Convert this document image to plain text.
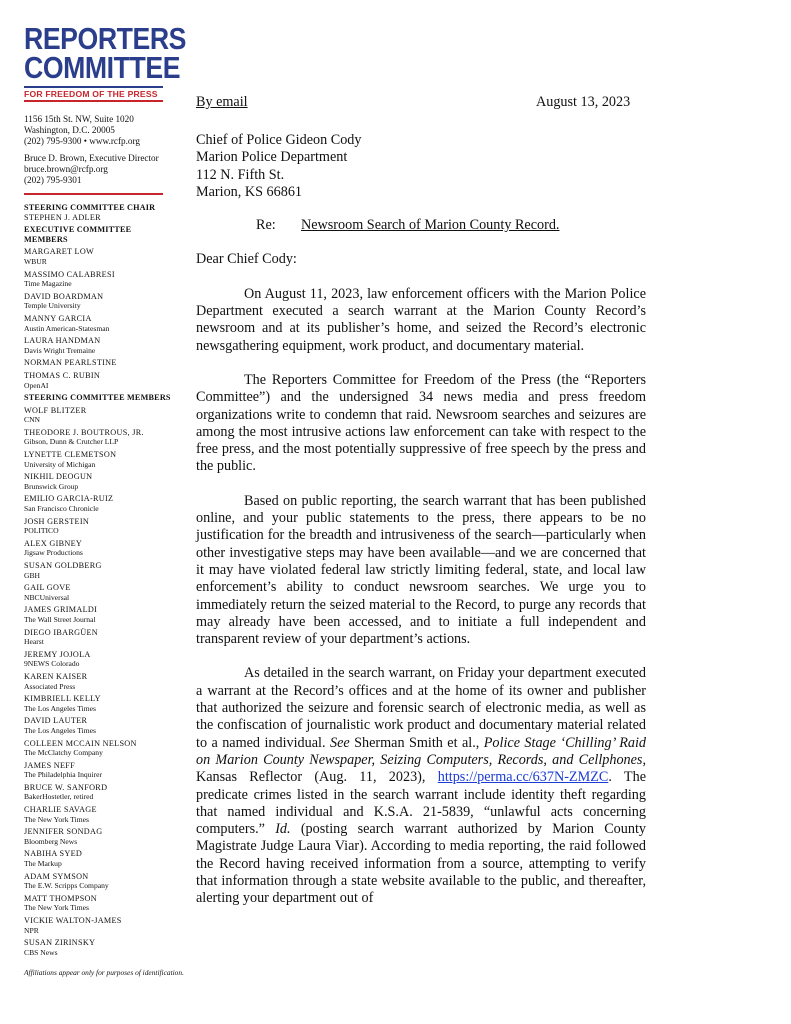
REPORTERS
COMMITTEE
FOR FREEDOM OF THE PRESS
1156 15th St. NW, Suite 1020
Washington, D.C. 20005
(202) 795-9300 • www.rcfp.org
Bruce D. Brown, Executive Director
bruce.brown@rcfp.org
(202) 795-9301
STEERING COMMITTEE CHAIR
STEPHEN J. ADLER
EXECUTIVE COMMITTEE MEMBERS
MARGARET LOW
WBUR
MASSIMO CALABRESI
Time Magazine
DAVID BOARDMAN
Temple University
MANNY GARCIA
Austin American-Statesman
LAURA HANDMAN
Davis Wright Tremaine
NORMAN PEARLSTINE
THOMAS C. RUBIN
OpenAI
STEERING COMMITTEE MEMBERS
WOLF BLITZER
CNN
THEODORE J. BOUTROUS, JR.
Gibson, Dunn & Crutcher LLP
LYNETTE CLEMETSON
University of Michigan
NIKHIL DEOGUN
Brunswick Group
EMILIO GARCIA-RUIZ
San Francisco Chronicle
JOSH GERSTEIN
POLITICO
ALEX GIBNEY
Jigsaw Productions
SUSAN GOLDBERG
GBH
GAIL GOVE
NBCUniversal
JAMES GRIMALDI
The Wall Street Journal
DIEGO IBARGÜEN
Hearst
JEREMY JOJOLA
9NEWS Colorado
KAREN KAISER
Associated Press
KIMBRIELL KELLY
The Los Angeles Times
DAVID LAUTER
The Los Angeles Times
COLLEEN MCCAIN NELSON
The McClatchy Company
JAMES NEFF
The Philadelphia Inquirer
BRUCE W. SANFORD
BakerHostetler, retired
CHARLIE SAVAGE
The New York Times
JENNIFER SONDAG
Bloomberg News
NABIHA SYED
The Markup
ADAM SYMSON
The E.W. Scripps Company
MATT THOMPSON
The New York Times
VICKIE WALTON-JAMES
NPR
SUSAN ZIRINSKY
CBS News
Affiliations appear only for purposes of identification.
By email	August 13, 2023
Chief of Police Gideon Cody
Marion Police Department
112 N. Fifth St.
Marion, KS 66861
Re:	Newsroom Search of Marion County Record.
Dear Chief Cody:

On August 11, 2023, law enforcement officers with the Marion Police Department executed a search warrant at the Marion County Record’s newsroom and at its publisher’s home, and seized the Record’s electronic newsgathering equipment, work product, and documentary material.

The Reporters Committee for Freedom of the Press (the “Reporters Committee”) and the undersigned 34 news media and press freedom organizations write to condemn that raid. Newsroom searches and seizures are among the most intrusive actions law enforcement can take with respect to the free press, and the most potentially suppressive of free speech by the press and the public.

Based on public reporting, the search warrant that has been published online, and your public statements to the press, there appears to be no justification for the breadth and intrusiveness of the search—particularly when other investigative steps may have been available—and we are concerned that it may have violated federal law strictly limiting federal, state, and local law enforcement’s ability to conduct newsroom searches. We urge you to immediately return the seized material to the Record, to purge any records that may already have been accessed, and to initiate a full independent and transparent review of your department’s actions.

As detailed in the search warrant, on Friday your department executed a warrant at the Record’s offices and at the home of its owner and publisher that authorized the seizure and forensic search of electronic media, as well as the confiscation of journalistic work product and documentary material related to a named individual. See Sherman Smith et al., Police Stage ‘Chilling’ Raid on Marion County Newspaper, Seizing Computers, Records, and Cellphones, Kansas Reflector (Aug. 11, 2023), https://perma.cc/637N-ZMZC. The predicate crimes listed in the search warrant include identity theft regarding that named individual and K.S.A. 21-5839, “unlawful acts concerning computers.” Id. (posting search warrant authorized by Marion County Magistrate Judge Laura Viar). According to media reporting, the raid followed the Record having received information from a source, attempting to verify that information through a state website available to the public, and thereafter, alerting your department out of
